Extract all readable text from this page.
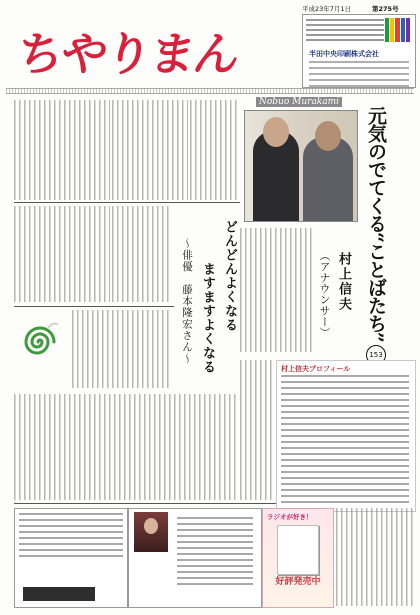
ちやりまん
平成23年7月1日	第275号
半田中央印刷株式会社
元気のでてくる“ことばたち”
153
村上信夫
（アナウンサー）
どんどんよくなる
ますますよくなる
〜俳優　藤本隆宏さん〜
Nobuo Murakami
村上信夫プロフィール
ラジオが好き！
好評発売中
